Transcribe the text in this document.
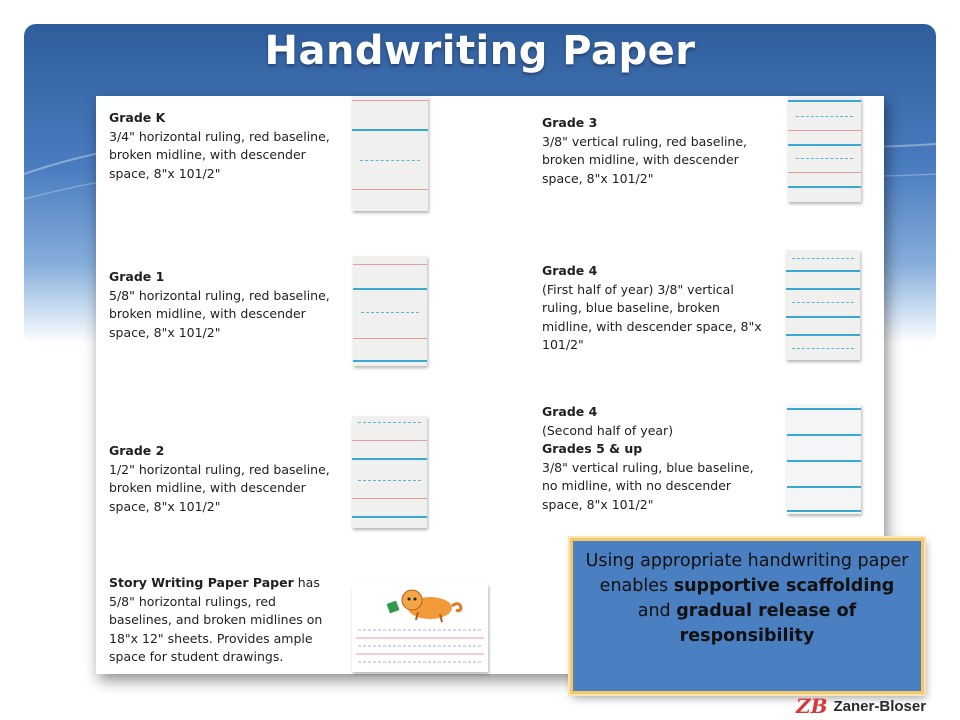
Handwriting Paper
Grade K
3/4" horizontal ruling, red baseline, broken midline, with descender space, 8"x 101/2"
Grade 1
5/8" horizontal ruling, red baseline, broken midline, with descender space, 8"x 101/2"
Grade 2
1/2" horizontal ruling, red baseline, broken midline, with descender space, 8"x 101/2"
Story Writing Paper Paper has 5/8" horizontal rulings, red baselines, and broken midlines on 18"x 12" sheets. Provides ample space for student drawings.
Grade 3
3/8" vertical ruling, red baseline, broken midline, with descender space, 8"x 101/2"
Grade 4
(First half of year) 3/8" vertical ruling, blue baseline, broken midline, with descender space, 8"x 101/2"
Grade 4
(Second half of year)
Grades 5 & up
3/8" vertical ruling, blue baseline, no midline, with no descender space, 8"x 101/2"
Using appropriate handwriting paper enables supportive scaffolding and gradual release of responsibility
ZB Zaner-Bloser
